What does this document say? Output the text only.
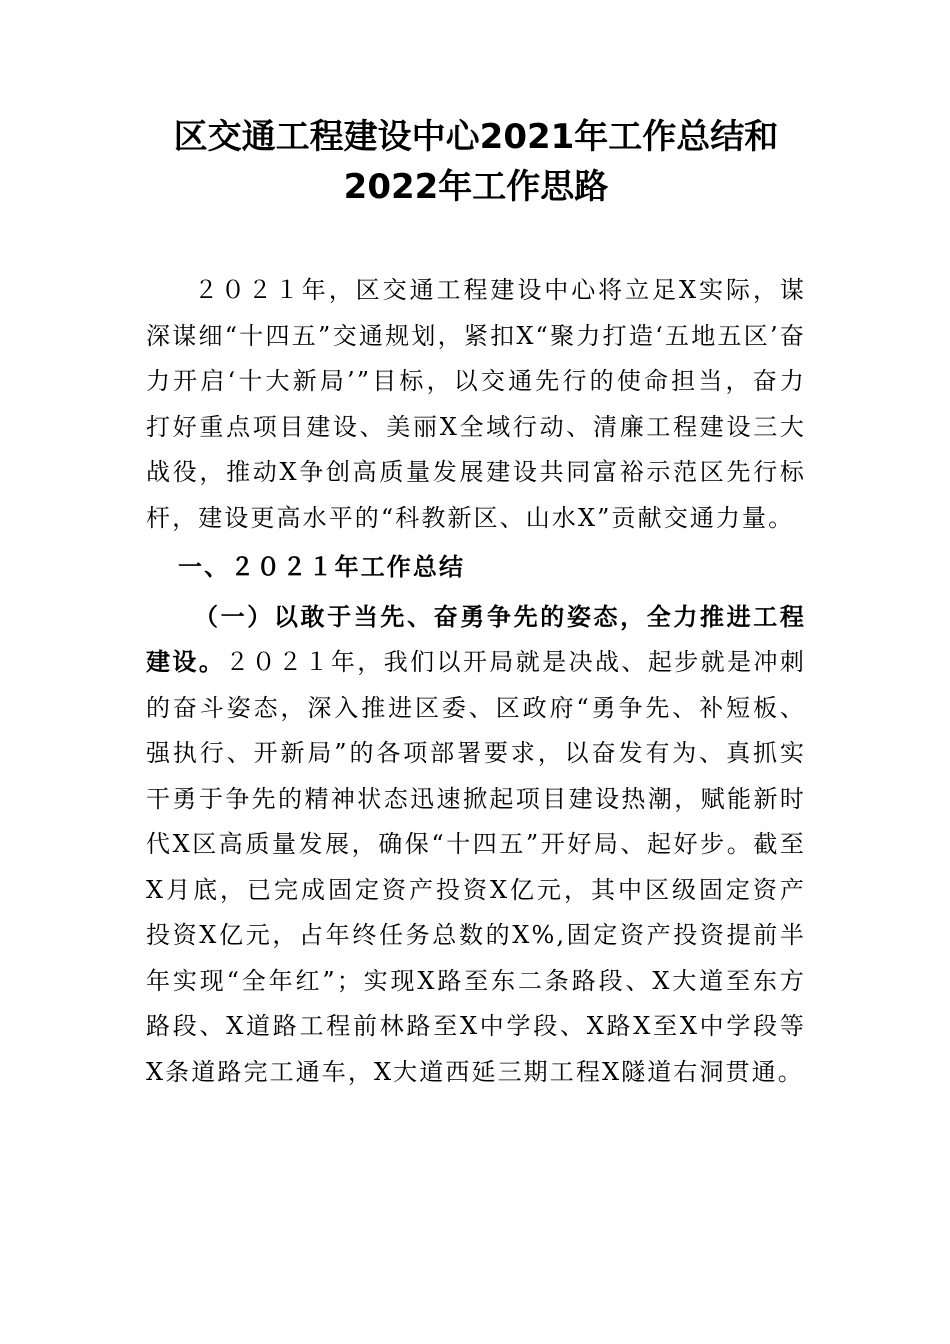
区交通工程建设中心2021年工作总结和
2022年工作思路

２０２１年，区交通工程建设中心将立足X实际，谋深谋细“十四五”交通规划，紧扣X“聚力打造‘五地五区’奋力开启‘十大新局’”目标，以交通先行的使命担当，奋力打好重点项目建设、美丽X全域行动、清廉工程建设三大战役，推动X争创高质量发展建设共同富裕示范区先行标杆，建设更高水平的“科教新区、山水X”贡献交通力量。

一、２０２１年工作总结

（一）以敢于当先、奋勇争先的姿态，全力推进工程建设。２０２１年，我们以开局就是决战、起步就是冲刺的奋斗姿态，深入推进区委、区政府“勇争先、补短板、强执行、开新局”的各项部署要求，以奋发有为、真抓实干勇于争先的精神状态迅速掀起项目建设热潮，赋能新时代X区高质量发展，确保“十四五”开好局、起好步。截至X月底，已完成固定资产投资X亿元，其中区级固定资产投资X亿元，占年终任务总数的X%,固定资产投资提前半年实现“全年红”；实现X路至东二条路段、X大道至东方路段、X道路工程前林路至X中学段、X路X至X中学段等X条道路完工通车，X大道西延三期工程X隧道右洞贯通。
